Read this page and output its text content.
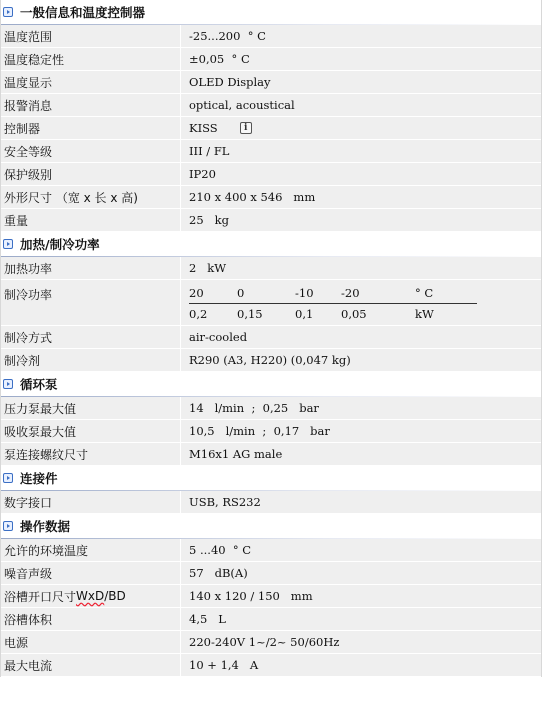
一般信息和温度控制器
温度范围	-25...200  ° C
温度稳定性	±0,05  ° C
温度显示	OLED Display
报警消息	optical, acoustical
控制器	KISS	i
安全等级	III / FL
保护级别	IP20
外形尺寸 （宽 x 长 x 高)	210 x 400 x 546   mm
重量	25   kg
加热/制冷功率
加热功率	2   kW
制冷功率	20	0	-10	-20	° C
0,2	0,15	0,1	0,05	kW
制冷方式	air-cooled
制冷剂	R290 (A3, H220) (0,047 kg)
循环泵
压力泵最大值	14   l/min  ;  0,25   bar
吸收泵最大值	10,5   l/min  ;  0,17   bar
泵连接螺纹尺寸	M16x1 AG male
连接件
数字接口	USB, RS232
操作数据
允许的环境温度	5 ...40  ° C
噪音声级	57   dB(A)
浴槽开口尺寸 WxD /BD	140 x 120 / 150   mm
浴槽体积	4,5   L
电源	220-240V 1~/2~ 50/60Hz
最大电流	10 + 1,4   A
